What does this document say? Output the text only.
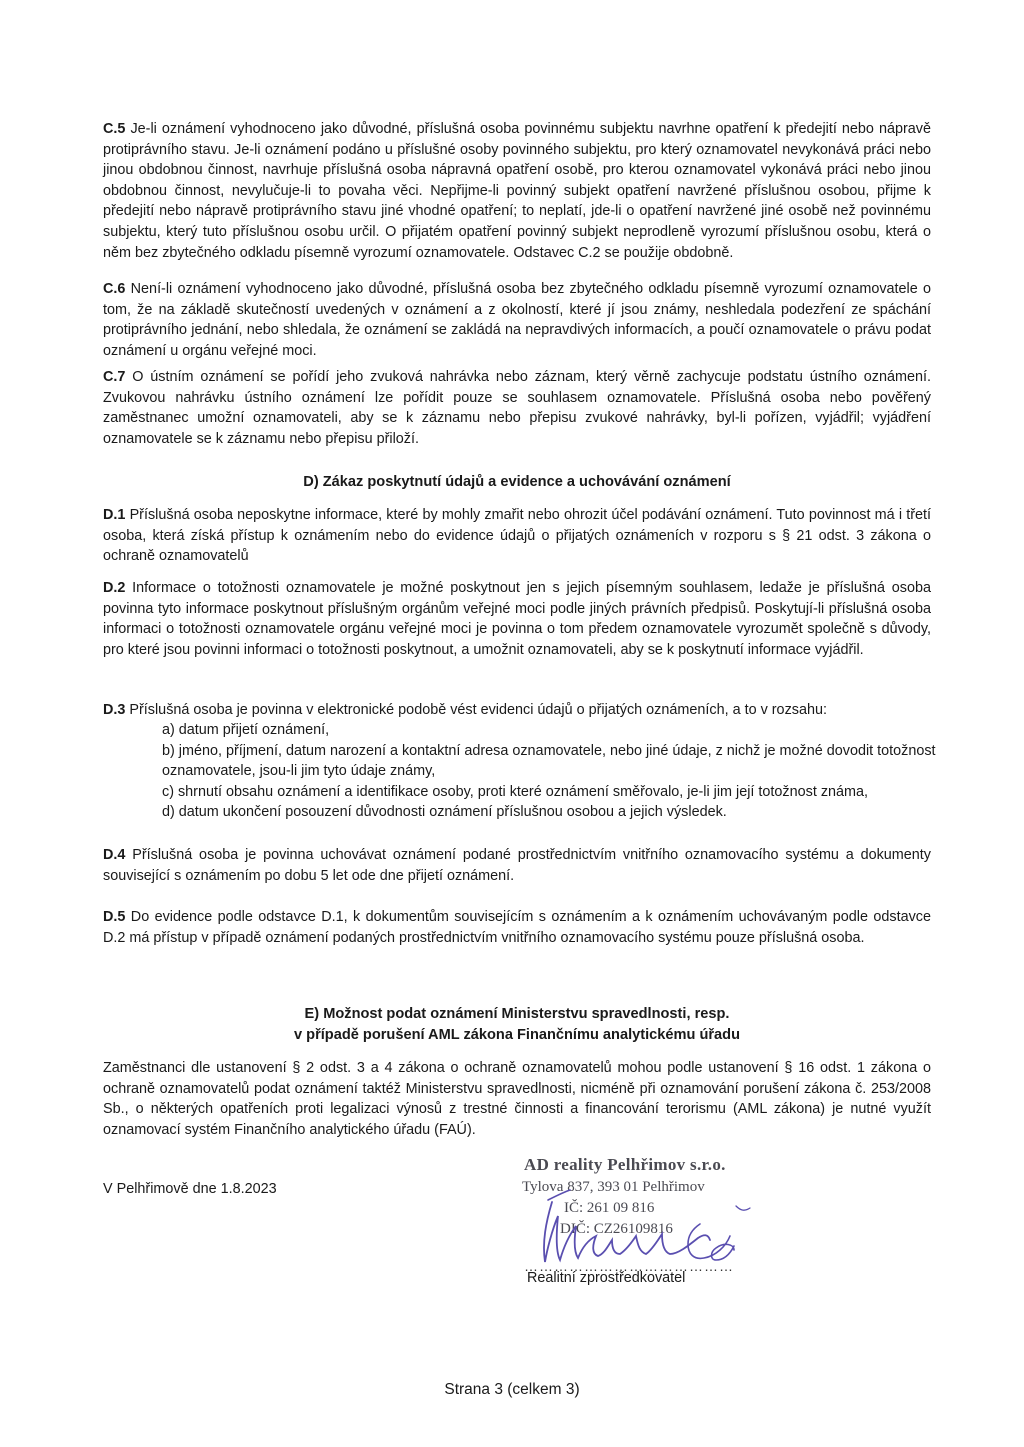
C.5 Je-li oznámení vyhodnoceno jako důvodné, příslušná osoba povinnému subjektu navrhne opatření k předejití nebo nápravě protiprávního stavu. Je-li oznámení podáno u příslušné osoby povinného subjektu, pro který oznamovatel nevykonává práci nebo jinou obdobnou činnost, navrhuje příslušná osoba nápravná opatření osobě, pro kterou oznamovatel vykonává práci nebo jinou obdobnou činnost, nevylučuje-li to povaha věci. Nepřijme-li povinný subjekt opatření navržené příslušnou osobou, přijme k předejití nebo nápravě protiprávního stavu jiné vhodné opatření; to neplatí, jde-li o opatření navržené jiné osobě než povinnému subjektu, který tuto příslušnou osobu určil. O přijatém opatření povinný subjekt neprodleně vyrozumí příslušnou osobu, která o něm bez zbytečného odkladu písemně vyrozumí oznamovatele. Odstavec C.2 se použije obdobně.

C.6 Není-li oznámení vyhodnoceno jako důvodné, příslušná osoba bez zbytečného odkladu písemně vyrozumí oznamovatele o tom, že na základě skutečností uvedených v oznámení a z okolností, které jí jsou známy, neshledala podezření ze spáchání protiprávního jednání, nebo shledala, že oznámení se zakládá na nepravdivých informacích, a poučí oznamovatele o právu podat oznámení u orgánu veřejné moci.

C.7 O ústním oznámení se pořídí jeho zvuková nahrávka nebo záznam, který věrně zachycuje podstatu ústního oznámení. Zvukovou nahrávku ústního oznámení lze pořídit pouze se souhlasem oznamovatele. Příslušná osoba nebo pověřený zaměstnanec umožní oznamovateli, aby se k záznamu nebo přepisu zvukové nahrávky, byl-li pořízen, vyjádřil; vyjádření oznamovatele se k záznamu nebo přepisu přiloží.

D) Zákaz poskytnutí údajů a evidence a uchovávání oznámení

D.1 Příslušná osoba neposkytne informace, které by mohly zmařit nebo ohrozit účel podávání oznámení. Tuto povinnost má i třetí osoba, která získá přístup k oznámením nebo do evidence údajů o přijatých oznámeních v rozporu s § 21 odst. 3 zákona o ochraně oznamovatelů

D.2 Informace o totožnosti oznamovatele je možné poskytnout jen s jejich písemným souhlasem, ledaže je příslušná osoba povinna tyto informace poskytnout příslušným orgánům veřejné moci podle jiných právních předpisů. Poskytují-li příslušná osoba informaci o totožnosti oznamovatele orgánu veřejné moci je povinna o tom předem oznamovatele vyrozumět společně s důvody, pro které jsou povinni informaci o totožnosti poskytnout, a umožnit oznamovateli, aby se k poskytnutí informace vyjádřil.

D.3 Příslušná osoba je povinna v elektronické podobě vést evidenci údajů o přijatých oznámeních, a to v rozsahu:

a) datum přijetí oznámení,
b) jméno, příjmení, datum narození a kontaktní adresa oznamovatele, nebo jiné údaje, z nichž je možné dovodit totožnost oznamovatele, jsou-li jim tyto údaje známy,
c) shrnutí obsahu oznámení a identifikace osoby, proti které oznámení směřovalo, je-li jim její totožnost známa,
d) datum ukončení posouzení důvodnosti oznámení příslušnou osobou a jejich výsledek.

D.4 Příslušná osoba je povinna uchovávat oznámení podané prostřednictvím vnitřního oznamovacího systému a dokumenty související s oznámením po dobu 5 let ode dne přijetí oznámení.

D.5 Do evidence podle odstavce D.1, k dokumentům souvisejícím s oznámením a k oznámením uchovávaným podle odstavce D.2 má přístup v případě oznámení podaných prostřednictvím vnitřního oznamovacího systému pouze příslušná osoba.

E) Možnost podat oznámení Ministerstvu spravedlnosti, resp.
v případě porušení AML zákona Finančnímu analytickému úřadu

Zaměstnanci dle ustanovení § 2 odst. 3 a 4 zákona o ochraně oznamovatelů mohou podle ustanovení § 16 odst. 1 zákona o ochraně oznamovatelů podat oznámení taktéž Ministerstvu spravedlnosti, nicméně při oznamování porušení zákona č. 253/2008 Sb., o některých opatřeních proti legalizaci výnosů z trestné činnosti a financování terorismu (AML zákona) je nutné využít oznamovací systém Finančního analytického úřadu (FAÚ).

V Pelhřimově dne 1.8.2023
AD reality Pelhřimov s.r.o.
Tylova 837, 393 01 Pelhřimov
IČ: 261 09 816
DIČ: CZ26109816
……………………………………
Realitní zprostředkovatel
Strana 3 (celkem 3)
